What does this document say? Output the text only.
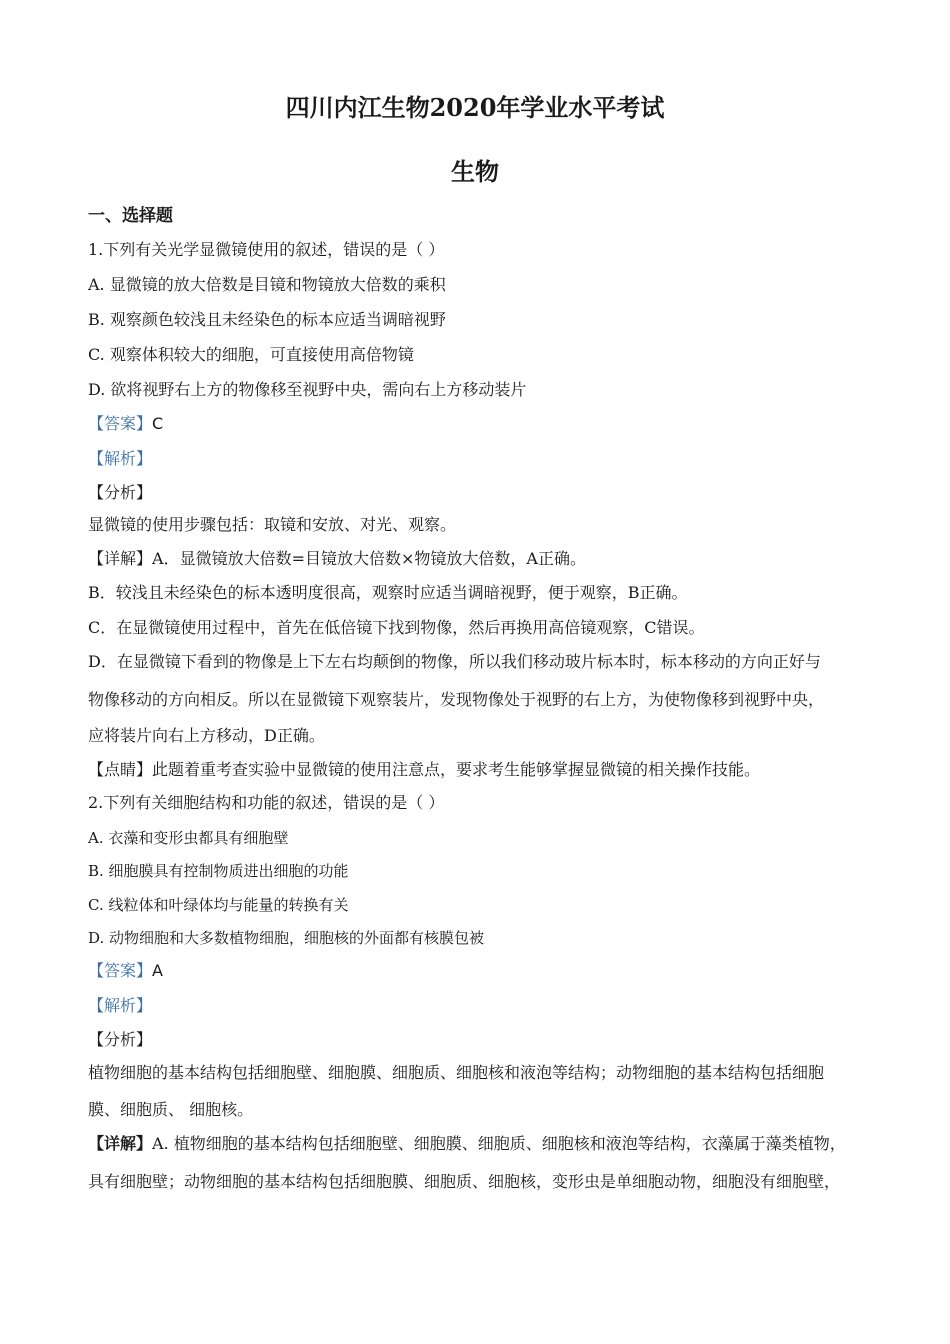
四川内江生物2020年学业水平考试
生物
一、选择题
1.下列有关光学显微镜使用的叙述，错误的是（ ）
A. 显微镜的放大倍数是目镜和物镜放大倍数的乘积
B. 观察颜色较浅且未经染色的标本应适当调暗视野
C. 观察体积较大的细胞，可直接使用高倍物镜
D. 欲将视野右上方的物像移至视野中央，需向右上方移动装片
【答案】C
【解析】
【分析】
显微镜的使用步骤包括：取镜和安放、对光、观察。
【详解】A．显微镜放大倍数=目镜放大倍数×物镜放大倍数，A正确。
B．较浅且未经染色的标本透明度很高，观察时应适当调暗视野，便于观察，B正确。
C．在显微镜使用过程中，首先在低倍镜下找到物像，然后再换用高倍镜观察，C错误。
D．在显微镜下看到的物像是上下左右均颠倒的物像，所以我们移动玻片标本时，标本移动的方向正好与
物像移动的方向相反。所以在显微镜下观察装片，发现物像处于视野的右上方，为使物像移到视野中央，
应将装片向右上方移动，D正确。
【点睛】此题着重考查实验中显微镜的使用注意点，要求考生能够掌握显微镜的相关操作技能。
2.下列有关细胞结构和功能的叙述，错误的是（ ）
A. 衣藻和变形虫都具有细胞壁
B. 细胞膜具有控制物质进出细胞的功能
C. 线粒体和叶绿体均与能量的转换有关
D. 动物细胞和大多数植物细胞，细胞核的外面都有核膜包被
【答案】A
【解析】
【分析】
植物细胞的基本结构包括细胞壁、细胞膜、细胞质、细胞核和液泡等结构；动物细胞的基本结构包括细胞
膜、细胞质、 细胞核。
【详解】A. 植物细胞的基本结构包括细胞壁、细胞膜、细胞质、细胞核和液泡等结构，衣藻属于藻类植物，
具有细胞壁；动物细胞的基本结构包括细胞膜、细胞质、细胞核，变形虫是单细胞动物，细胞没有细胞壁，
